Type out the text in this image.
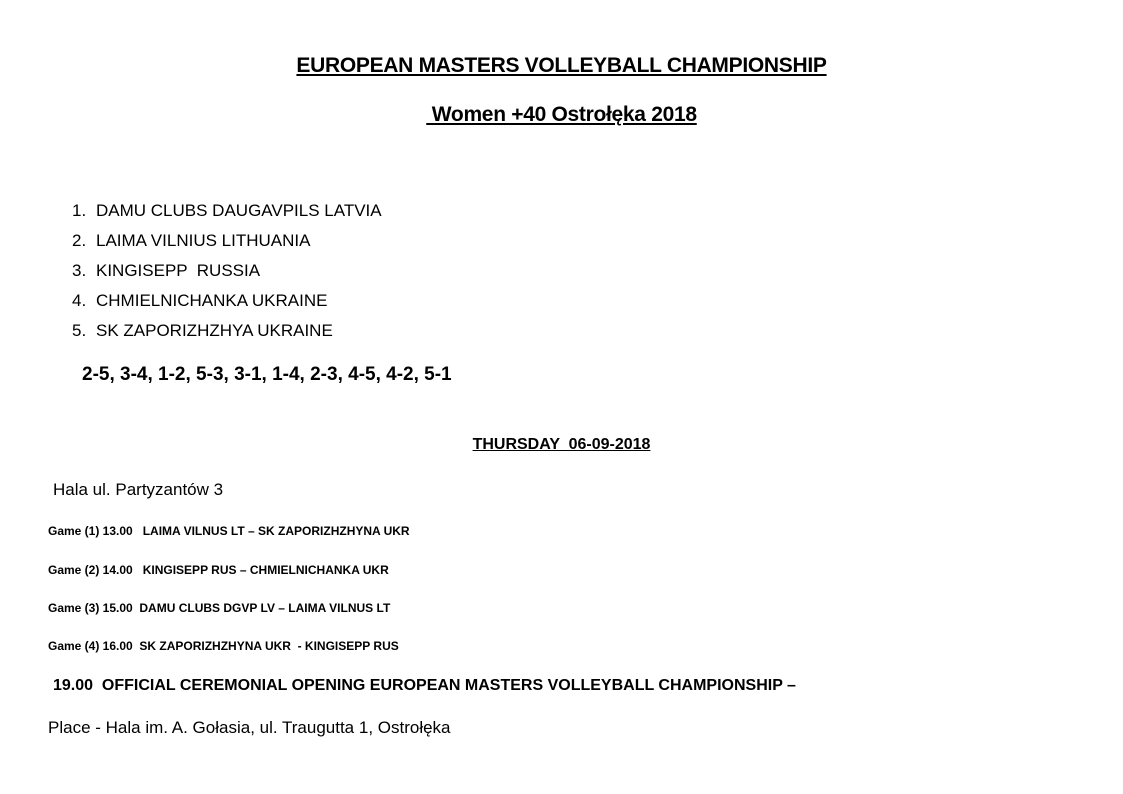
EUROPEAN MASTERS VOLLEYBALL CHAMPIONSHIP
Women +40 Ostrołęka 2018
1. DAMU CLUBS DAUGAVPILS LATVIA
2. LAIMA VILNIUS LITHUANIA
3. KINGISEPP  RUSSIA
4. CHMIELNICHANKA UKRAINE
5. SK ZAPORIZHZHYA UKRAINE
2-5, 3-4, 1-2, 5-3, 3-1, 1-4, 2-3, 4-5, 4-2, 5-1
THURSDAY  06-09-2018
Hala ul. Partyzantów 3
Game (1) 13.00   LAIMA VILNUS LT – SK ZAPORIZHZHYNA UKR
Game (2) 14.00   KINGISEPP RUS – CHMIELNICHANKA UKR
Game (3) 15.00  DAMU CLUBS DGVP LV – LAIMA VILNUS LT
Game (4) 16.00  SK ZAPORIZHZHYNA UKR  - KINGISEPP RUS
19.00  OFFICIAL CEREMONIAL OPENING EUROPEAN MASTERS VOLLEYBALL CHAMPIONSHIP –
Place - Hala im. A. Gołasia, ul. Traugutta 1, Ostrołęka
